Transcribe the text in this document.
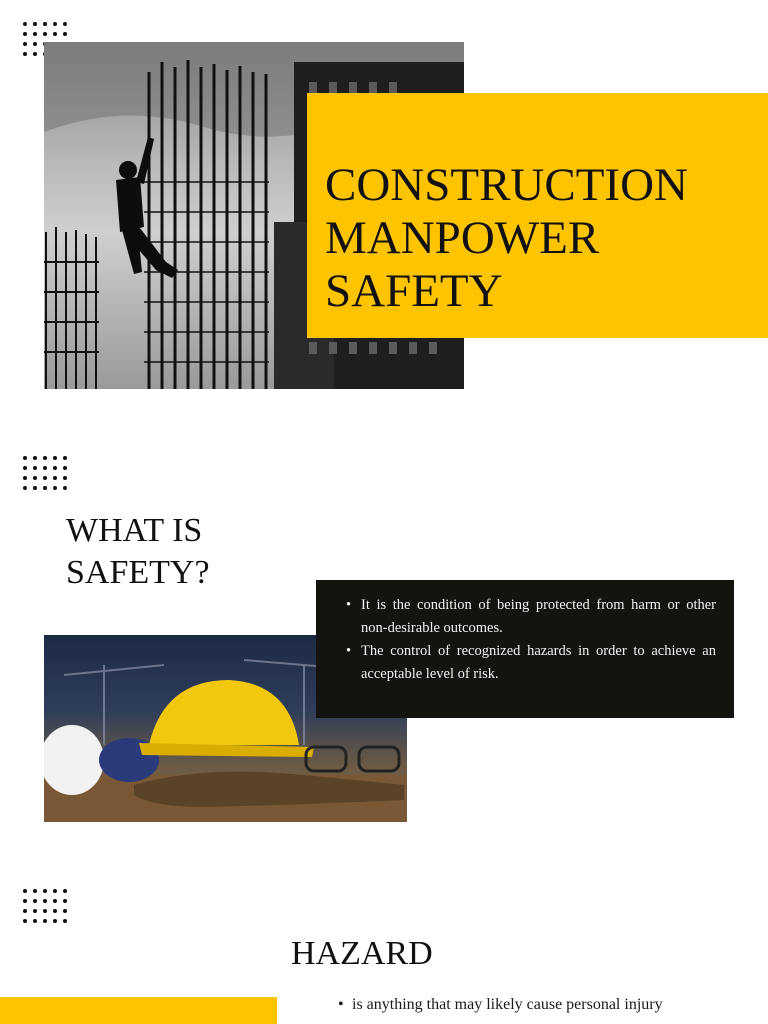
CONSTRUCTION
MANPOWER
SAFETY
WHAT IS
SAFETY?
• It is the condition of being protected from harm or other non-desirable outcomes.
• The control of recognized hazards in order to achieve an acceptable level of risk.
HAZARD
• is anything that may likely cause personal injury
